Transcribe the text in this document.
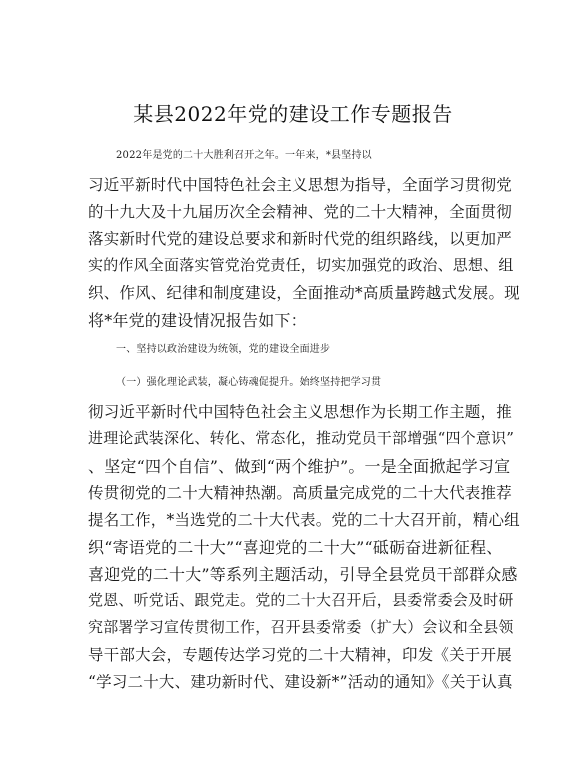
某县2022年党的建设工作专题报告
2022年是党的二十大胜利召开之年。一年来，*县坚持以
习近平新时代中国特色社会主义思想为指导，全面学习贯彻党
的十九大及十九届历次全会精神、党的二十大精神，全面贯彻
落实新时代党的建设总要求和新时代党的组织路线，以更加严
实的作风全面落实管党治党责任，切实加强党的政治、思想、组
织、作风、纪律和制度建设，全面推动*高质量跨越式发展。现
将*年党的建设情况报告如下：
一、坚持以政治建设为统领，党的建设全面进步
（一）强化理论武装，凝心铸魂促提升。始终坚持把学习贯
彻习近平新时代中国特色社会主义思想作为长期工作主题，推
进理论武装深化、转化、常态化，推动党员干部增强“四个意识”
、坚定“四个自信”、做到“两个维护”。一是全面掀起学习宣
传贯彻党的二十大精神热潮。高质量完成党的二十大代表推荐
提名工作，*当选党的二十大代表。党的二十大召开前，精心组
织“寄语党的二十大”“喜迎党的二十大”“砥砺奋进新征程、
喜迎党的二十大”等系列主题活动，引导全县党员干部群众感
党恩、听党话、跟党走。党的二十大召开后，县委常委会及时研
究部署学习宣传贯彻工作，召开县委常委（扩大）会议和全县领
导干部大会，专题传达学习党的二十大精神，印发《关于开展
“学习二十大、建功新时代、建设新*”活动的通知》《关于认真
